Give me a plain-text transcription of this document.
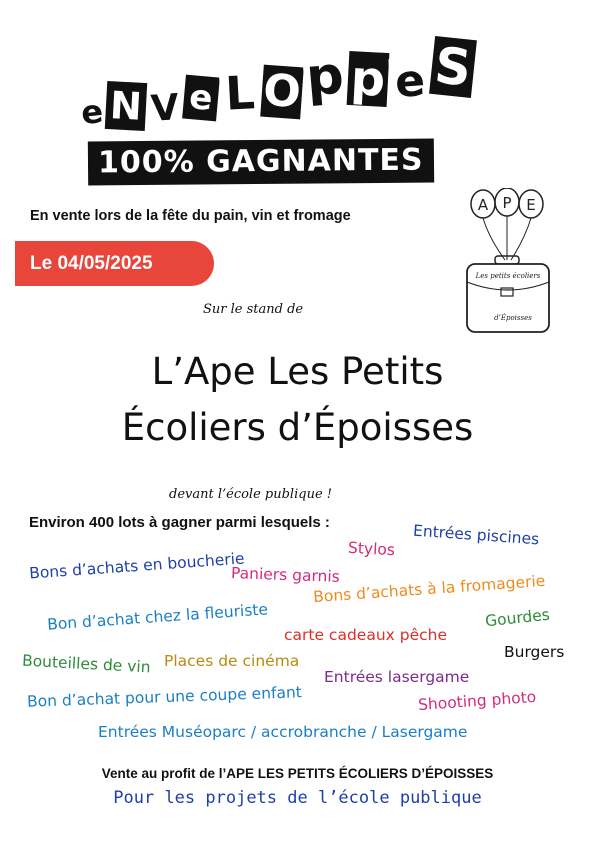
e N V e L O p p e S
100% GAGNANTES
En vente lors de la fête du pain, vin et fromage
Le 04/05/2025
A P E
Les petits écoliers
d’Époisses
Sur le stand de
L’Ape Les Petits
Écoliers d’Époisses
devant l’école publique !
Environ 400 lots à gagner parmi lesquels :	Entrées piscines
Stylos
Bons d’achats en boucherie
Paniers garnis
Bons d’achats à la fromagerie
Bon d’achat chez la fleuriste	Gourdes
carte cadeaux pêche
Burgers
Bouteilles de vin Places de cinéma
Entrées lasergame
Bon d’achat pour une coupe enfant	Shooting photo
Entrées Muséoparc / accrobranche / Lasergame
Vente au profit de l’APE LES PETITS ÉCOLIERS D’ÉPOISSES
Pour les projets de l’école publique
